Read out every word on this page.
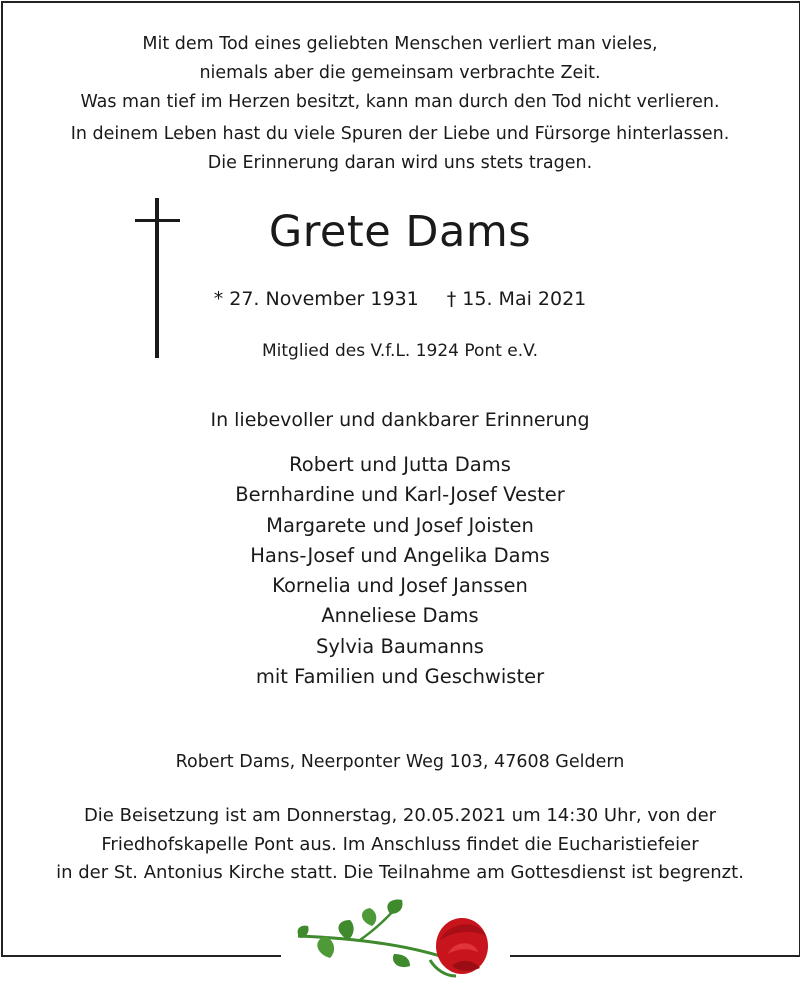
Mit dem Tod eines geliebten Menschen verliert man vieles,
niemals aber die gemeinsam verbrachte Zeit.
Was man tief im Herzen besitzt, kann man durch den Tod nicht verlieren.
In deinem Leben hast du viele Spuren der Liebe und Fürsorge hinterlassen.
Die Erinnerung daran wird uns stets tragen.
Grete Dams
* 27. November 1931 † 15. Mai 2021
Mitglied des V.f.L. 1924 Pont e.V.
In liebevoller und dankbarer Erinnerung
Robert und Jutta Dams
Bernhardine und Karl-Josef Vester
Margarete und Josef Joisten
Hans-Josef und Angelika Dams
Kornelia und Josef Janssen
Anneliese Dams
Sylvia Baumanns
mit Familien und Geschwister
Robert Dams, Neerponter Weg 103, 47608 Geldern
Die Beisetzung ist am Donnerstag, 20.05.2021 um 14:30 Uhr, von der
Friedhofskapelle Pont aus. Im Anschluss findet die Eucharistiefeier
in der St. Antonius Kirche statt. Die Teilnahme am Gottesdienst ist begrenzt.
